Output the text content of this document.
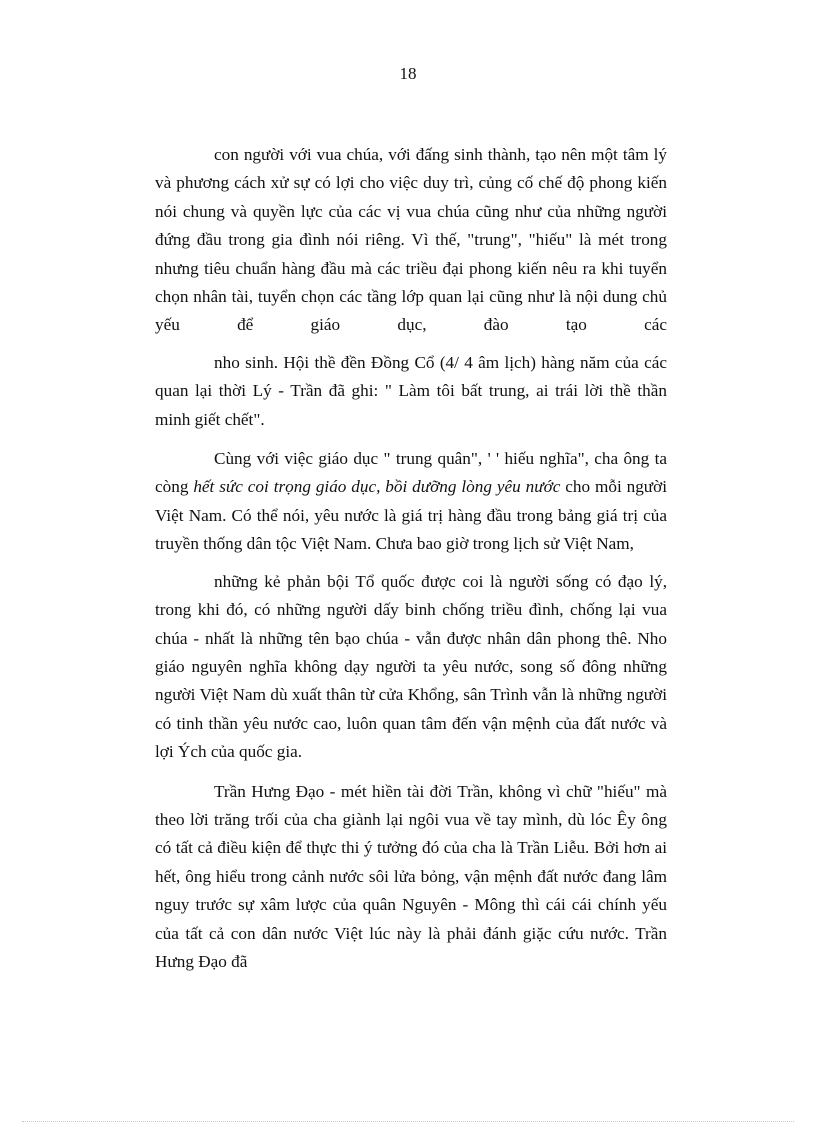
18

con người với vua chúa, với đấng sinh thành, tạo nên một tâm lý và phương cách xử sự có lợi cho việc duy trì, củng cố chế độ phong kiến nói chung và quyền lực của các vị vua chúa cũng như của những người đứng đầu trong gia đình nói riêng. Vì thế, "trung", "hiếu" là mét trong nhưng tiêu chuẩn hàng đầu mà các triều đại phong kiến nêu ra khi tuyển chọn nhân tài, tuyển chọn các tầng lớp quan lại cũng như là nội dung chủ yếu để giáo dục, đào tạo các

nho sinh. Hội thề đền Đồng Cổ (4/ 4 âm lịch) hàng năm của các quan lại thời Lý - Trần đã ghi: " Làm tôi bất trung, ai trái lời thề thần minh giết chết".

Cùng với việc giáo dục " trung quân", ' ' hiếu nghĩa", cha ông ta còng hết sức coi trọng giáo dục, bồi dưỡng lòng yêu nước cho mỗi người Việt Nam. Có thể nói, yêu nước là giá trị hàng đầu trong bảng giá trị của truyền thống dân tộc Việt Nam. Chưa bao giờ trong lịch sử Việt Nam,

những kẻ phản bội Tổ quốc được coi là người sống có đạo lý, trong khi đó, có những người dấy binh chống triều đình, chống lại vua chúa - nhất là những tên bạo chúa - vẫn được nhân dân phong thê. Nho giáo nguyên nghĩa không dạy người ta yêu nước, song số đông những người Việt Nam dù xuất thân từ cửa Khổng, sân Trình vẫn là những người có tinh thần yêu nước cao, luôn quan tâm đến vận mệnh của đất nước và lợi Ých của quốc gia.

Trần Hưng Đạo - mét hiền tài đời Trần, không vì chữ "hiếu" mà theo lời trăng trối của cha giành lại ngôi vua về tay mình, dù lóc Êy ông có tất cả điều kiện để thực thi ý tưởng đó của cha là Trần Liễu. Bởi hơn ai hết, ông hiểu trong cảnh nước sôi lửa bỏng, vận mệnh đất nước đang lâm nguy trước sự xâm lược của quân Nguyên - Mông thì cái cái chính yếu của tất cả con dân nước Việt lúc này là phải đánh giặc cứu nước. Trần Hưng Đạo đã
